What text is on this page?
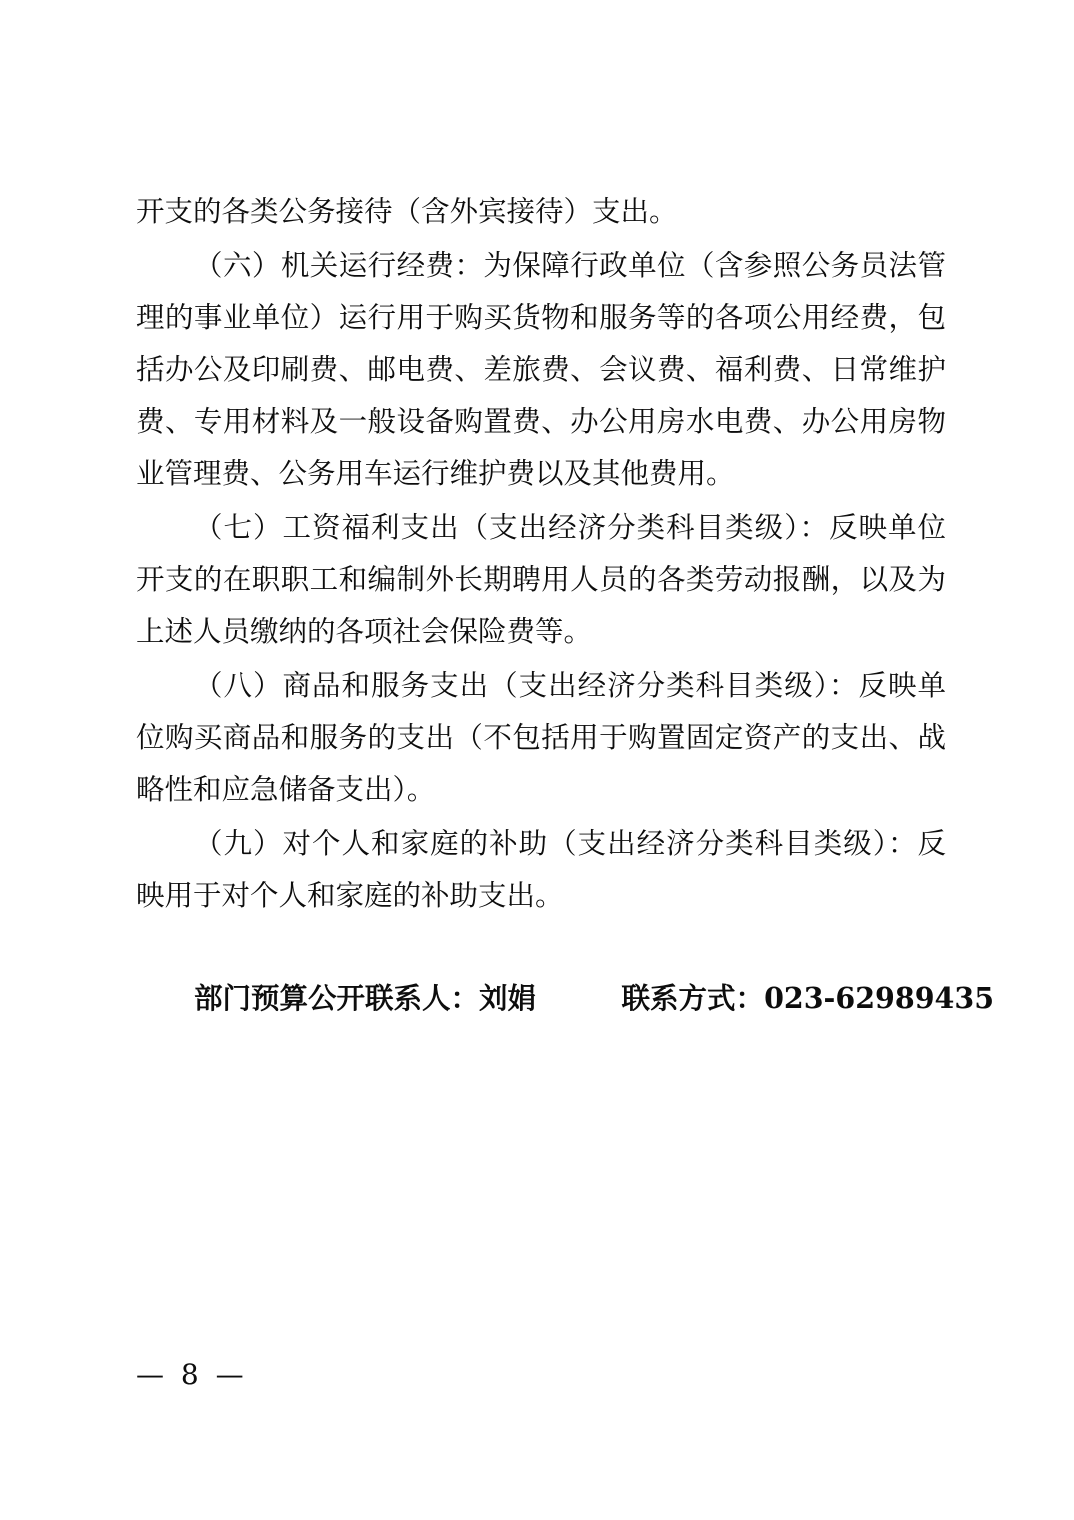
开支的各类公务接待（含外宾接待）支出。

（六）机关运行经费：为保障行政单位（含参照公务员法管理的事业单位）运行用于购买货物和服务等的各项公用经费，包括办公及印刷费、邮电费、差旅费、会议费、福利费、日常维护费、专用材料及一般设备购置费、办公用房水电费、办公用房物业管理费、公务用车运行维护费以及其他费用。

（七）工资福利支出（支出经济分类科目类级）：反映单位开支的在职职工和编制外长期聘用人员的各类劳动报酬，以及为上述人员缴纳的各项社会保险费等。

（八）商品和服务支出（支出经济分类科目类级）：反映单位购买商品和服务的支出（不包括用于购置固定资产的支出、战略性和应急储备支出）。

（九）对个人和家庭的补助（支出经济分类科目类级）：反映用于对个人和家庭的补助支出。

部门预算公开联系人：刘娟　　　	联系方式：023-62989435
— 8 —
